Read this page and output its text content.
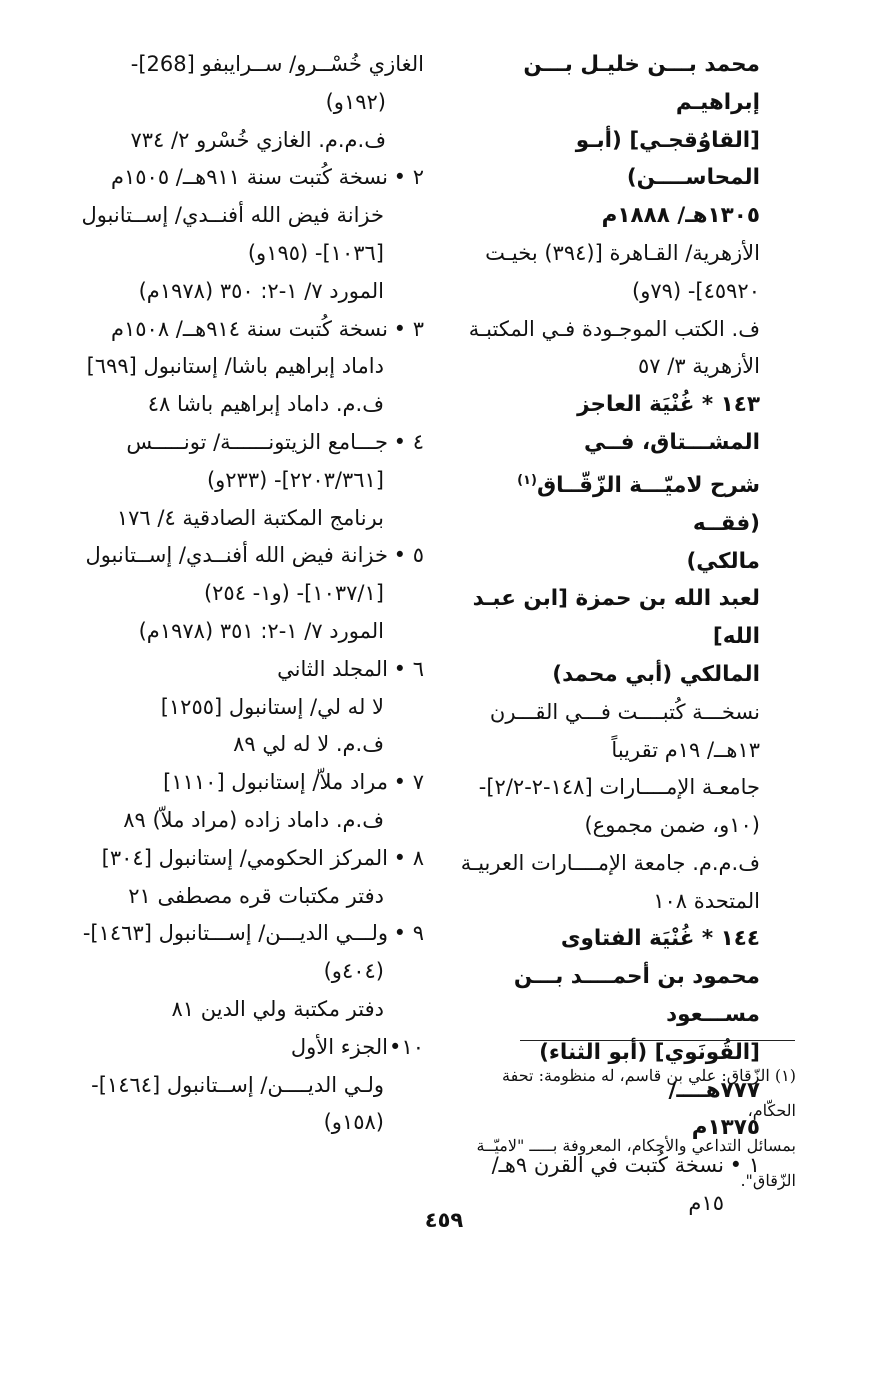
محمد بـــن خليـل بـــن إبراهيـم

[القاوُقجـي] (أبـو المحاســــن)

١٣٠٥هـ/ ١٨٨٨م

الأزهرية/ القـاهرة [(٣٩٤) بخيـت

٤٥٩٢٠]- (٧٩و)

ف. الكتب الموجـودة فـي المكتبـة

الأزهرية ٣/ ٥٧

١٤٣ * غُنْيَة العاجز المشـــتاق، فــي

شرح لاميّـــة الزّقّــاق$^{(١)}$ (فقــه

مالكي)

لعبد الله بن حمزة [ابن عبـد الله]

المالكي (أبي محمد)

نسخـــة كُتبــــت فـــي القـــرن

١٣هــ/ ١٩م تقريباً

جامعـة الإمــــارات [١٤٨-٢-٢/٢]-

(١٠و، ضمن مجموع)

ف.م.م. جامعة الإمــــارات العربيـة

المتحدة ١٠٨

١٤٤ * غُنْيَة الفتاوى

محمود بن أحمــــد بـــن مســـعود

[القُونَوي] (أبو الثناء) ٧٧٧هــــ/

١٣٧٥م

١ •
نسخة كُتبت في القرن ٩هـ/ ١٥م

الغازي خُسْــرو/ ســرايبفو [268]-

(١٩٢و)

ف.م.م. الغازي خُسْرو ٢/ ٧٣٤

٢ •
نسخة كُتبت سنة ٩١١هــ/ ١٥٠٥م

خزانة فيض الله أفنــدي/ إســتانبول

[١٠٣٦]- (١٩٥و)

المورد ٧/ ١-٢: ٣٥٠ (١٩٧٨م)

٣ •
نسخة كُتبت سنة ٩١٤هــ/ ١٥٠٨م

داماد إبراهيم باشا/ إستانبول [٦٩٩]

ف.م. داماد إبراهيم باشا ٤٨

٤ •
جـــامع الزيتونــــــة/ تونـــــس

[٢٢٠٣/٣٦١]- (٢٣٣و)

برنامج المكتبة الصادقية ٤/ ١٧٦

٥ •
خزانة فيض الله أفنــدي/ إســتانبول

[١٠٣٧/١]- (و١- ٢٥٤)

المورد ٧/ ١-٢: ٣٥١ (١٩٧٨م)

٦ •
المجلد الثاني

لا له لي/ إستانبول [١٢٥٥]

ف.م. لا له لي ٨٩

٧ •
مراد ملاّ/ إستانبول [١١١٠]

ف.م. داماد زاده (مراد ملاّ) ٨٩

٨ •
المركز الحكومي/ إستانبول [٣٠٤]

دفتر مكتبات قره مصطفى ٢١

٩ •
ولـــي الديـــن/ إســـتانبول [١٤٦٣]-

(٤٠٤و)

دفتر مكتبة ولي الدين ٨١

١٠•
الجزء الأول

ولـي الديــــن/ إســتانبول [١٤٦٤]-

(١٥٨و)

(١) الزّقاق: علي بن قاسم، له منظومة: تحفة الحكّام،

بمسائل التداعي والأحكام، المعروفة بـــــ "لاميّــة

الزّقاق".

٤٥٩
